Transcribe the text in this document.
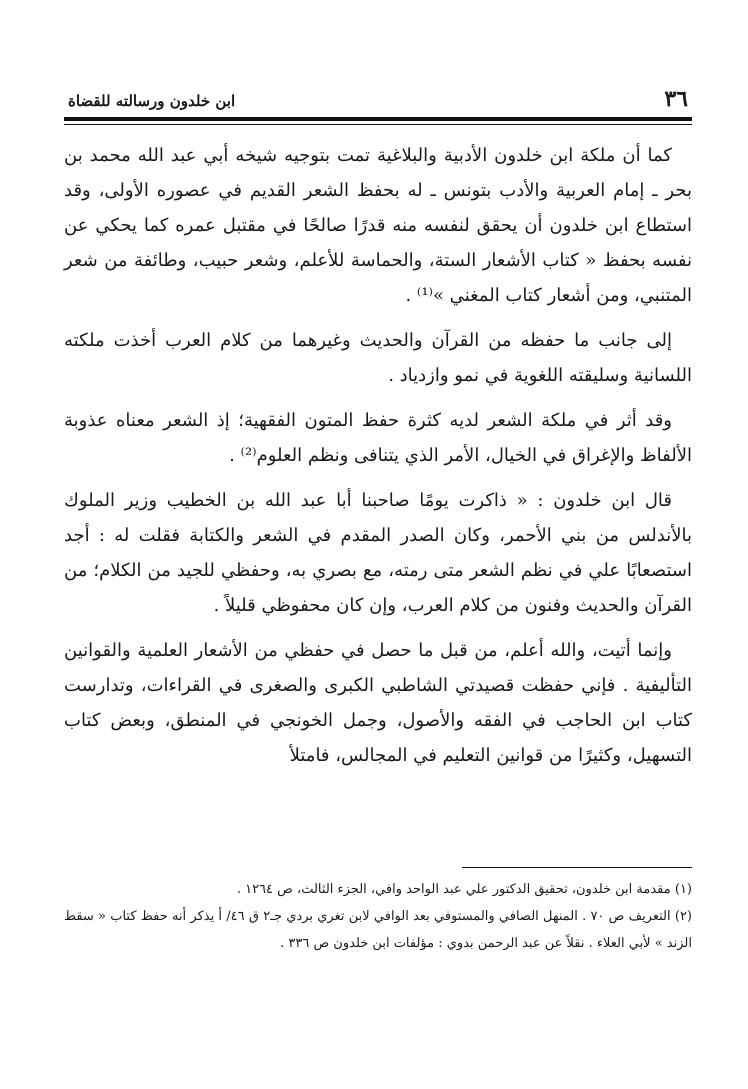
٣٦
ابن خلدون ورسالته للقضاة

كما أن ملكة ابن خلدون الأدبية والبلاغية تمت بتوجيه شيخه أبي عبد الله محمد بن بحر ـ إمام العربية والأدب بتونس ـ له بحفظ الشعر القديم في عصوره الأولى، وقد استطاع ابن خلدون أن يحقق لنفسه منه قدرًا صالحًا في مقتبل عمره كما يحكي عن نفسه بحفظ « كتاب الأشعار الستة، والحماسة للأعلم، وشعر حبيب، وطائفة من شعر المتنبي، ومن أشعار كتاب المغني »⁽¹⁾ .

إلى جانب ما حفظه من القرآن والحديث وغيرهما من كلام العرب أخذت ملكته اللسانية وسليقته اللغوية في نمو وازدياد .

وقد أثر في ملكة الشعر لديه كثرة حفظ المتون الفقهية؛ إذ الشعر معناه عذوبة الألفاظ والإغراق في الخيال، الأمر الذي يتنافى ونظم العلوم⁽²⁾ .

قال ابن خلدون : « ذاكرت يومًا صاحبنا أبا عبد الله بن الخطيب وزير الملوك بالأندلس من بني الأحمر، وكان الصدر المقدم في الشعر والكتابة فقلت له : أجد استصعابًا علي في نظم الشعر متى رمته، مع بصري به، وحفظي للجيد من الكلام؛ من القرآن والحديث وفنون من كلام العرب، وإن كان محفوظي قليلاً .

وإنما أتيت، والله أعلم، من قبل ما حصل في حفظي من الأشعار العلمية والقوانين التأليفية . فإني حفظت قصيدتي الشاطبي الكبرى والصغرى في القراءات، وتدارست كتاب ابن الحاجب في الفقه والأصول، وجمل الخونجي في المنطق، وبعض كتاب التسهيل، وكثيرًا من قوانين التعليم في المجالس، فامتلأ

(١) مقدمة ابن خلدون، تحقيق الدكتور علي عبد الواحد وافي، الجزء الثالث، ص ١٢٦٤ .

(٢) التعريف ص ٧٠ . المنهل الصافي والمستوفي بعد الوافي لابن تغري بردي جـ٢ ق ٤٦/ أ يذكر أنه حفظ كتاب « سقط الزند » لأبي العلاء . نقلاً عن عبد الرحمن بدوي : مؤلفات ابن خلدون ص ٣٣٦ .
